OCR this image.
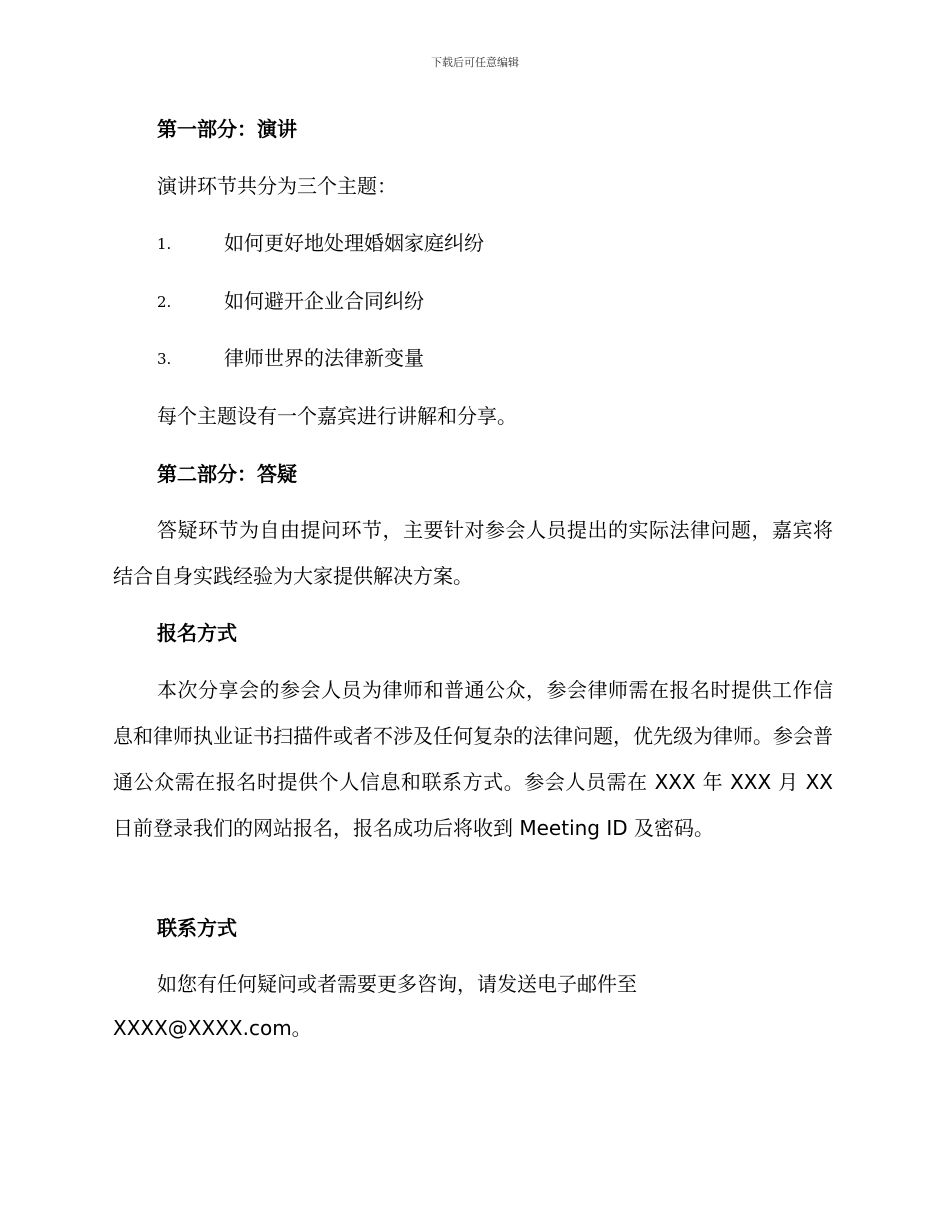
下载后可任意编辑
第一部分：演讲
演讲环节共分为三个主题：
1.	如何更好地处理婚姻家庭纠纷
2.	如何避开企业合同纠纷
3.	律师世界的法律新变量
每个主题设有一个嘉宾进行讲解和分享。
第二部分：答疑
答疑环节为自由提问环节，主要针对参会人员提出的实际法律问题，嘉宾将结合自身实践经验为大家提供解决方案。
报名方式
本次分享会的参会人员为律师和普通公众，参会律师需在报名时提供工作信息和律师执业证书扫描件或者不涉及任何复杂的法律问题，优先级为律师。参会普通公众需在报名时提供个人信息和联系方式。参会人员需在 XXX 年 XXX 月 XX 日前登录我们的网站报名，报名成功后将收到 Meeting ID 及密码。
联系方式
如您有任何疑问或者需要更多咨询，请发送电子邮件至
XXXX@XXXX.com。
